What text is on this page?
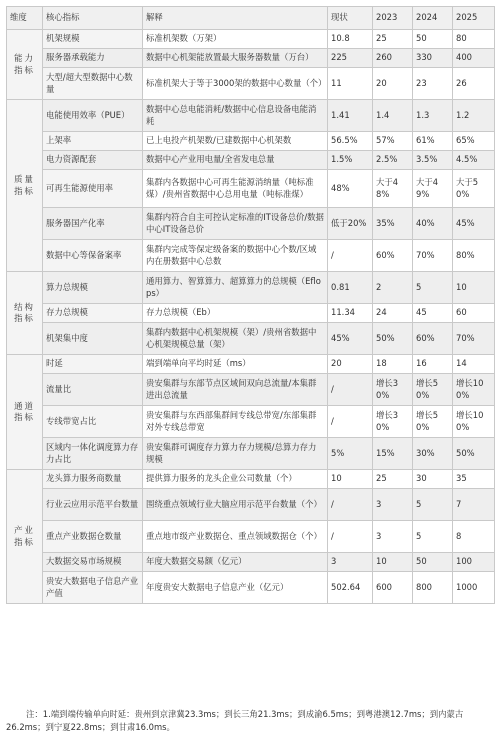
维度	核心指标	解释	现状	2023	2024	2025
能力指标	机架规模	标准机架数（万架）	10.8	25	50	80
	服务器承载能力	数据中心机架能放置最大服务器数量（万台）	225	260	330	400
	大型/超大型数据中心数量	标准机架大于等于3000架的数据中心数量（个）	11	20	23	26
质量指标	电能使用效率（PUE）	数据中心总电能消耗/数据中心信息设备电能消耗	1.41	1.4	1.3	1.2
	上架率	已上电投产机架数/已建数据中心机架数	56.5%	57%	61%	65%
	电力资源配套	数据中心产业用电量/全省发电总量	1.5%	2.5%	3.5%	4.5%
	可再生能源使用率	集群内各数据中心可再生能源消纳量（吨标准煤）/贵州省数据中心总用电量（吨标准煤）	48%	大于48%	大于49%	大于50%
	服务器国产化率	集群内符合自主可控认定标准的IT设备总价/数据中心IT设备总价	低于20%	35%	40%	45%
	数据中心等保备案率	集群内完成等保定级备案的数据中心个数/区域内在册数据中心总数	/	60%	70%	80%
结构指标	算力总规模	通用算力、智算算力、超算算力的总规模（Eflops）	0.81	2	5	10
	存力总规模	存力总规模（Eb）	11.34	24	45	60
	机架集中度	集群内数据中心机架规模（架）/贵州省数据中心机架规模总量（架）	45%	50%	60%	70%
通道指标	时延	端到端单向平均时延（ms）	20	18	16	14
	流量比	贵安集群与东部节点区域间双向总流量/本集群进出总流量	/	增长30%	增长50%	增长100%
	专线带宽占比	贵安集群与东西部集群间专线总带宽/东部集群对外专线总带宽	/	增长30%	增长50%	增长100%
	区域内一体化调度算力存力占比	贵安集群可调度存力算力存力规模/总算力存力规模	5%	15%	30%	50%
产业指标	龙头算力服务商数量	提供算力服务的龙头企业公司数量（个）	10	25	30	35
	行业云应用示范平台数量	围绕重点领域行业大脑应用示范平台数量（个）	/	3	5	7
	重点产业数据仓数量	重点地市级产业数据仓、重点领域数据仓（个）	/	3	5	8
	大数据交易市场规模	年度大数据交易额（亿元）	3	10	50	100
	贵安大数据电子信息产业产值	年度贵安大数据电子信息产业（亿元）	502.64	600	800	1000
注：1.端到端传输单向时延：贵州到京津冀23.3ms；到长三角21.3ms；到成渝6.5ms；到粤港澳12.7ms；到内蒙古26.2ms；到宁夏22.8ms；到甘肃16.0ms。
